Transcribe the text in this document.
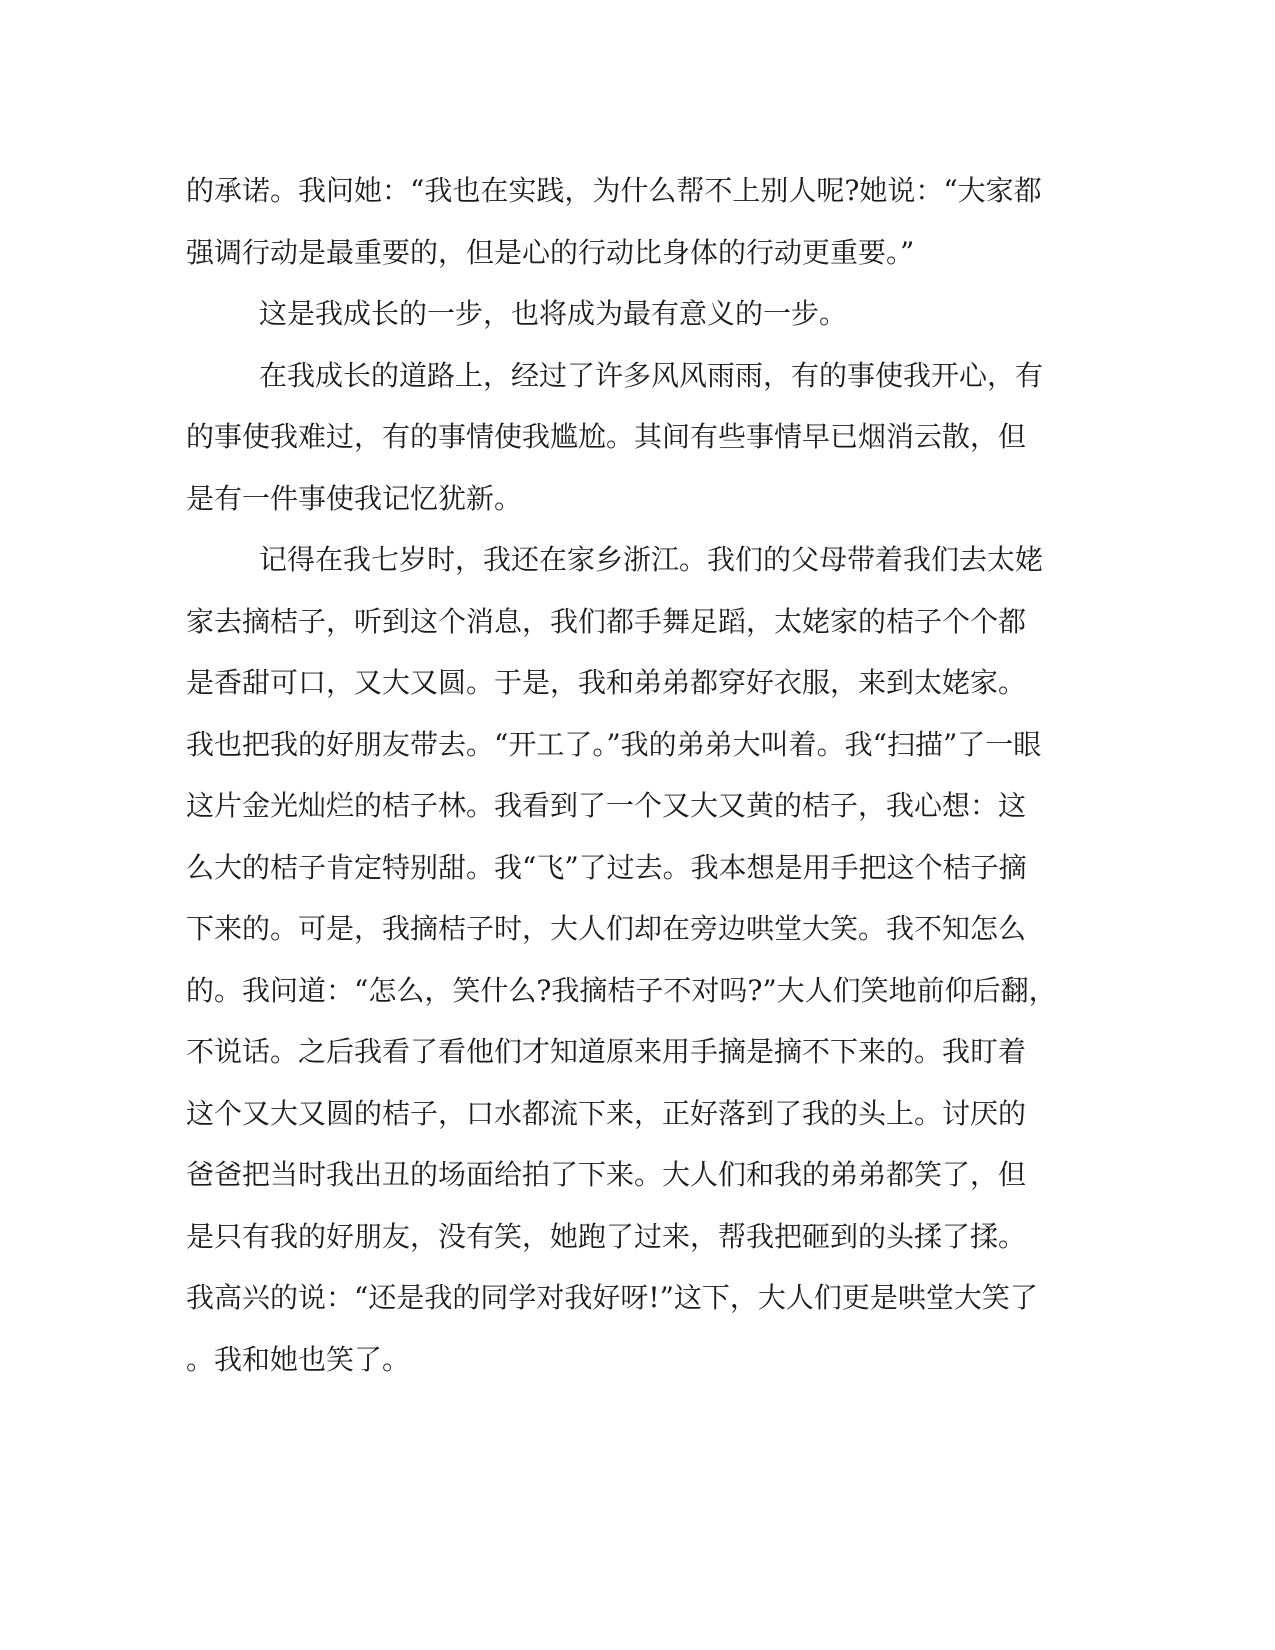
的承诺。我问她：“我也在实践，为什么帮不上别人呢?她说：“大家都
强调行动是最重要的，但是心的行动比身体的行动更重要。”
这是我成长的一步，也将成为最有意义的一步。
在我成长的道路上，经过了许多风风雨雨，有的事使我开心，有
的事使我难过，有的事情使我尴尬。其间有些事情早已烟消云散，但
是有一件事使我记忆犹新。
记得在我七岁时，我还在家乡浙江。我们的父母带着我们去太姥
家去摘桔子，听到这个消息，我们都手舞足蹈，太姥家的桔子个个都
是香甜可口，又大又圆。于是，我和弟弟都穿好衣服，来到太姥家。
我也把我的好朋友带去。“开工了。”我的弟弟大叫着。我“扫描”了一眼
这片金光灿烂的桔子林。我看到了一个又大又黄的桔子，我心想：这
么大的桔子肯定特别甜。我“飞”了过去。我本想是用手把这个桔子摘
下来的。可是，我摘桔子时，大人们却在旁边哄堂大笑。我不知怎么
的。我问道：“怎么，笑什么?我摘桔子不对吗?”大人们笑地前仰后翻，
不说话。之后我看了看他们才知道原来用手摘是摘不下来的。我盯着
这个又大又圆的桔子，口水都流下来，正好落到了我的头上。讨厌的
爸爸把当时我出丑的场面给拍了下来。大人们和我的弟弟都笑了，但
是只有我的好朋友，没有笑，她跑了过来，帮我把砸到的头揉了揉。
我高兴的说：“还是我的同学对我好呀!”这下，大人们更是哄堂大笑了
。我和她也笑了。
